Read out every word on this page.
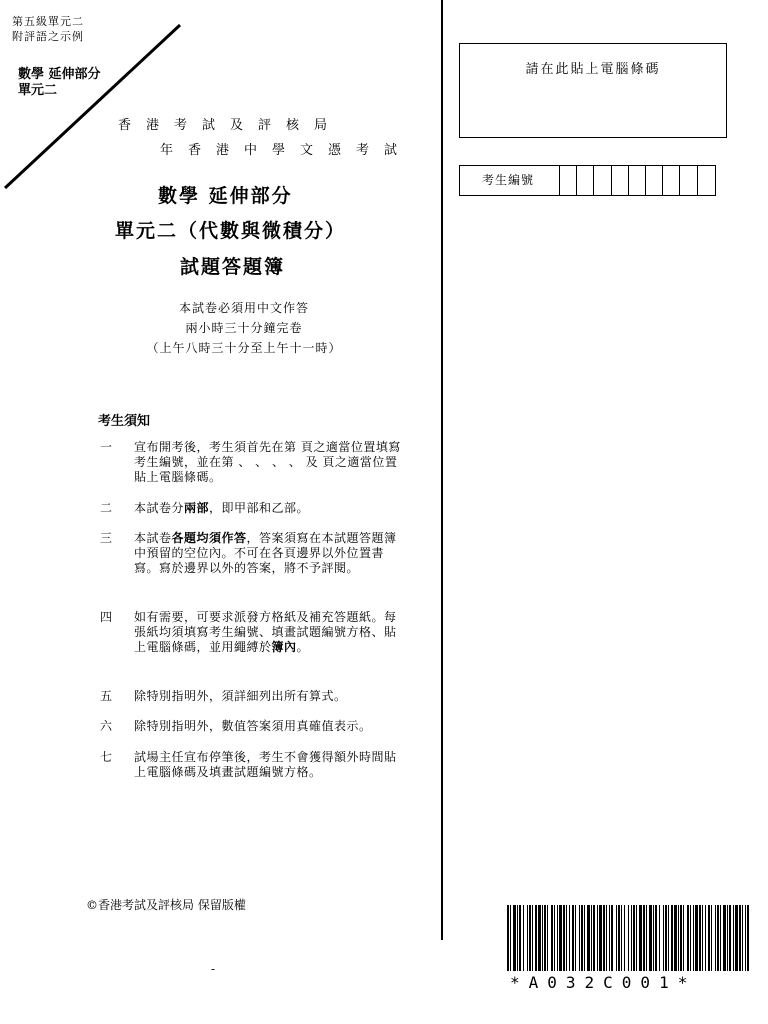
第五級單元二
附評語之示例
數學 延伸部分
單元二
香港考試及評核局
年香港中學文憑考試
數學 延伸部分
單元二（代數與微積分）
試題答題簿
本試卷必須用中文作答
兩小時三十分鐘完卷
（上午八時三十分至上午十一時）
考生須知
一	宣布開考後，考生須首先在第 頁之適當位置填寫考生編號，並在第 、 、 、 、 及 頁之適當位置貼上電腦條碼。
二	本試卷分兩部，即甲部和乙部。
三	本試卷各題均須作答，答案須寫在本試題答題簿中預留的空位內。不可在各頁邊界以外位置書寫。寫於邊界以外的答案，將不予評閱。
四	如有需要，可要求派發方格紙及補充答題紙。每張紙均須填寫考生編號、填畫試題編號方格、貼上電腦條碼，並用繩縛於簿內。
五	除特別指明外，須詳細列出所有算式。
六	除特別指明外，數值答案須用真確值表示。
七	試場主任宣布停筆後，考生不會獲得額外時間貼上電腦條碼及填畫試題編號方格。
©香港考試及評核局 保留版權
-
請在此貼上電腦條碼
考生編號
*A032C001*
